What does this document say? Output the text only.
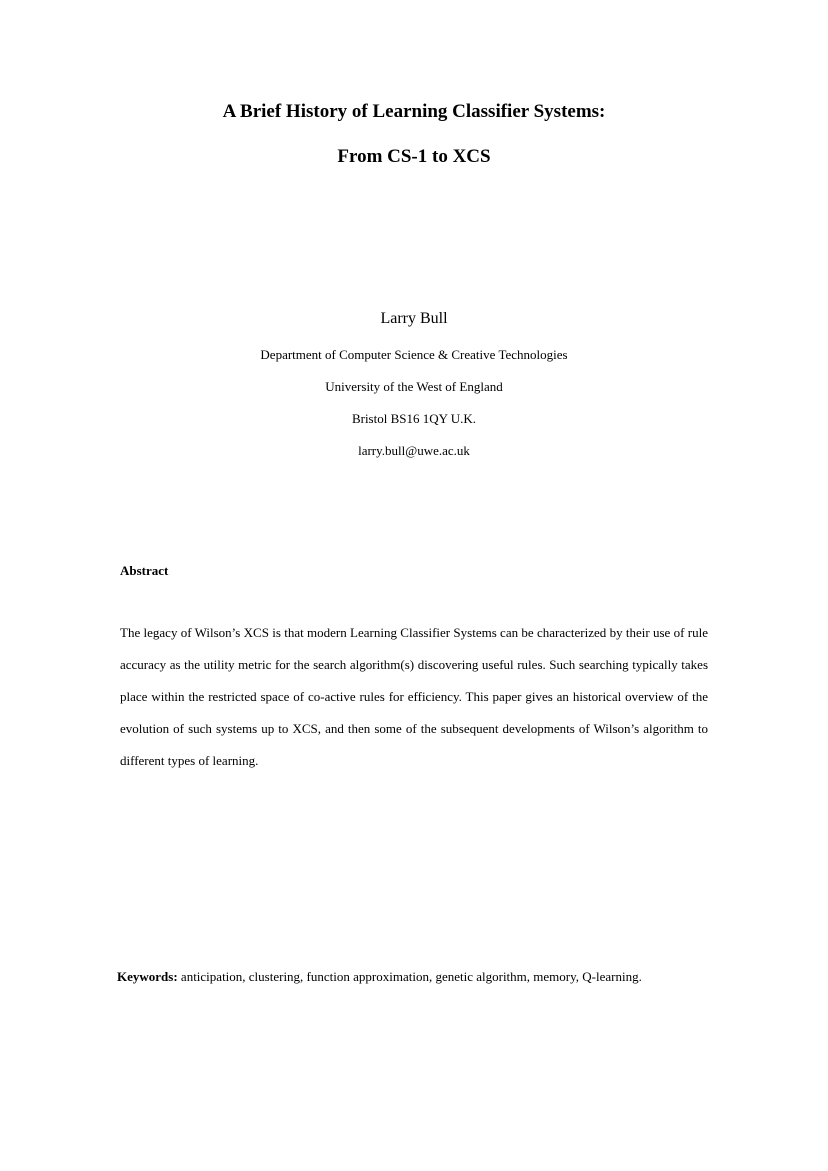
A Brief History of Learning Classifier Systems:
From CS-1 to XCS
Larry Bull
Department of Computer Science & Creative Technologies
University of the West of England
Bristol BS16 1QY U.K.
larry.bull@uwe.ac.uk
Abstract

The legacy of Wilson’s XCS is that modern Learning Classifier Systems can be characterized by their use of rule accuracy as the utility metric for the search algorithm(s) discovering useful rules. Such searching typically takes place within the restricted space of co-active rules for efficiency. This paper gives an historical overview of the evolution of such systems up to XCS, and then some of the subsequent developments of Wilson’s algorithm to different types of learning.

Keywords: anticipation, clustering, function approximation, genetic algorithm, memory, Q-learning.
